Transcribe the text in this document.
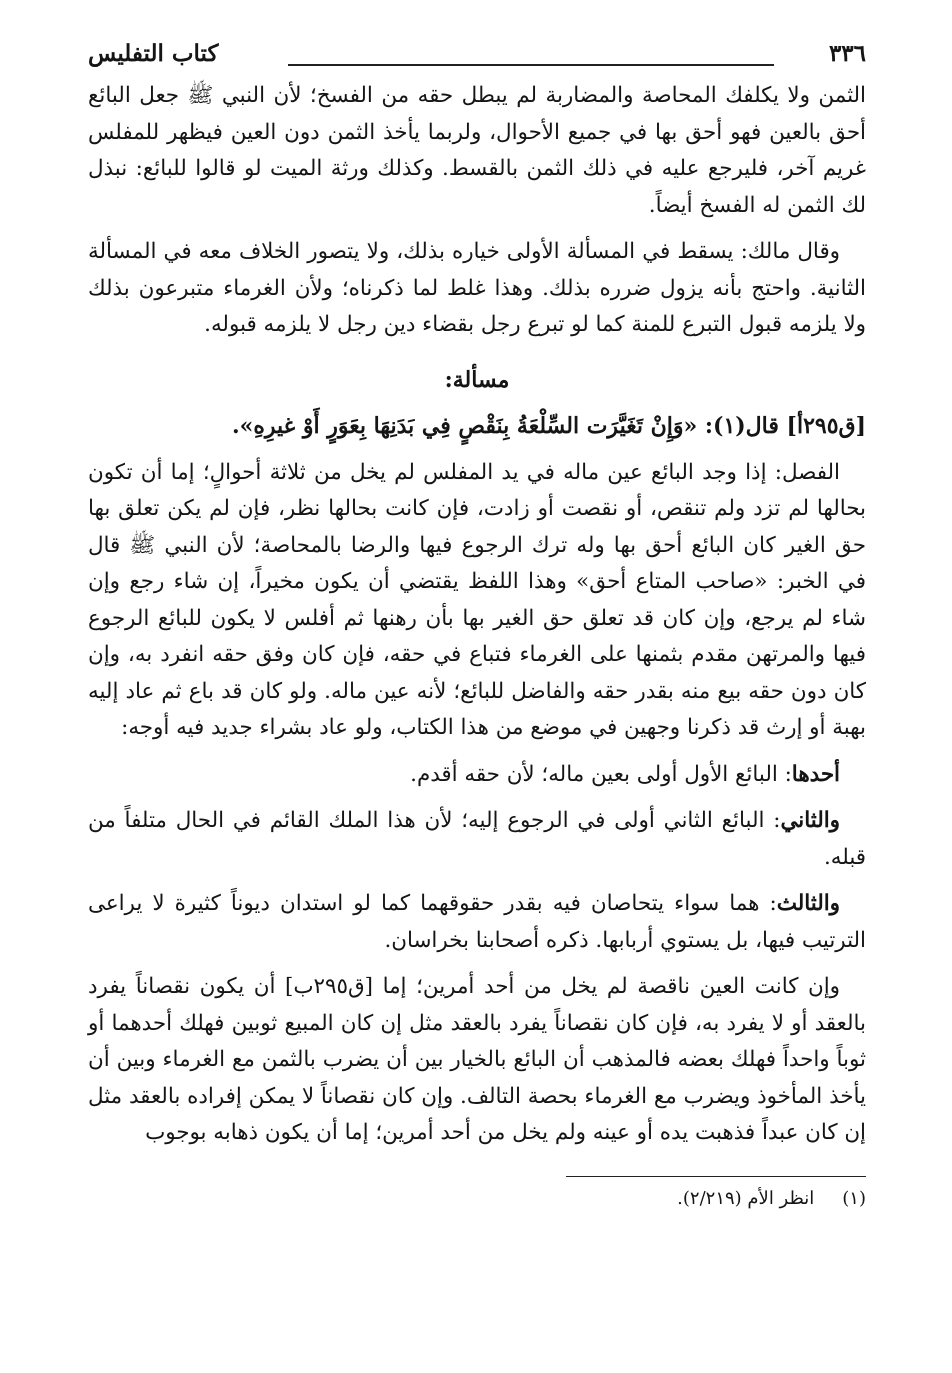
٣٣٦
كتاب التفليس

الثمن ولا يكلفك المحاصة والمضاربة لم يبطل حقه من الفسخ؛ لأن النبي ﷺ جعل البائع أحق بالعين فهو أحق بها في جميع الأحوال، ولربما يأخذ الثمن دون العين فيظهر للمفلس غريم آخر، فليرجع عليه في ذلك الثمن بالقسط. وكذلك ورثة الميت لو قالوا للبائع: نبذل لك الثمن له الفسخ أيضاً.

وقال مالك: يسقط في المسألة الأولى خياره بذلك، ولا يتصور الخلاف معه في المسألة الثانية. واحتج بأنه يزول ضرره بذلك. وهذا غلط لما ذكرناه؛ ولأن الغرماء متبرعون بذلك ولا يلزمه قبول التبرع للمنة كما لو تبرع رجل بقضاء دين رجل لا يلزمه قبوله.

مسألة:

[ق٢٩٥أ] قال(١): «وَإِنْ تَغَيَّرَت السِّلْعَةُ بِنَقْصٍ فِي بَدَنِهَا بِعَوَرٍ أَوْ غيرِهِ».

الفصل: إذا وجد البائع عين ماله في يد المفلس لم يخل من ثلاثة أحوالٍ؛ إما أن تكون بحالها لم تزد ولم تنقص، أو نقصت أو زادت، فإن كانت بحالها نظر، فإن لم يكن تعلق بها حق الغير كان البائع أحق بها وله ترك الرجوع فيها والرضا بالمحاصة؛ لأن النبي ﷺ قال في الخبر: «صاحب المتاع أحق» وهذا اللفظ يقتضي أن يكون مخيراً، إن شاء رجع وإن شاء لم يرجع، وإن كان قد تعلق حق الغير بها بأن رهنها ثم أفلس لا يكون للبائع الرجوع فيها والمرتهن مقدم بثمنها على الغرماء فتباع في حقه، فإن كان وفق حقه انفرد به، وإن كان دون حقه بيع منه بقدر حقه والفاضل للبائع؛ لأنه عين ماله. ولو كان قد باع ثم عاد إليه بهبة أو إرث قد ذكرنا وجهين في موضع من هذا الكتاب، ولو عاد بشراء جديد فيه أوجه:

أحدها: البائع الأول أولى بعين ماله؛ لأن حقه أقدم.

والثاني: البائع الثاني أولى في الرجوع إليه؛ لأن هذا الملك القائم في الحال متلفاً من قبله.

والثالث: هما سواء يتحاصان فيه بقدر حقوقهما كما لو استدان ديوناً كثيرة لا يراعى الترتيب فيها، بل يستوي أربابها. ذكره أصحابنا بخراسان.

وإن كانت العين ناقصة لم يخل من أحد أمرين؛ إما [ق٢٩٥ب] أن يكون نقصاناً يفرد بالعقد أو لا يفرد به، فإن كان نقصاناً يفرد بالعقد مثل إن كان المبيع ثوبين فهلك أحدهما أو ثوباً واحداً فهلك بعضه فالمذهب أن البائع بالخيار بين أن يضرب بالثمن مع الغرماء وبين أن يأخذ المأخوذ ويضرب مع الغرماء بحصة التالف. وإن كان نقصاناً لا يمكن إفراده بالعقد مثل إن كان عبداً فذهبت يده أو عينه ولم يخل من أحد أمرين؛ إما أن يكون ذهابه بوجوب

(١)انظر الأم (٢/٢١٩).
